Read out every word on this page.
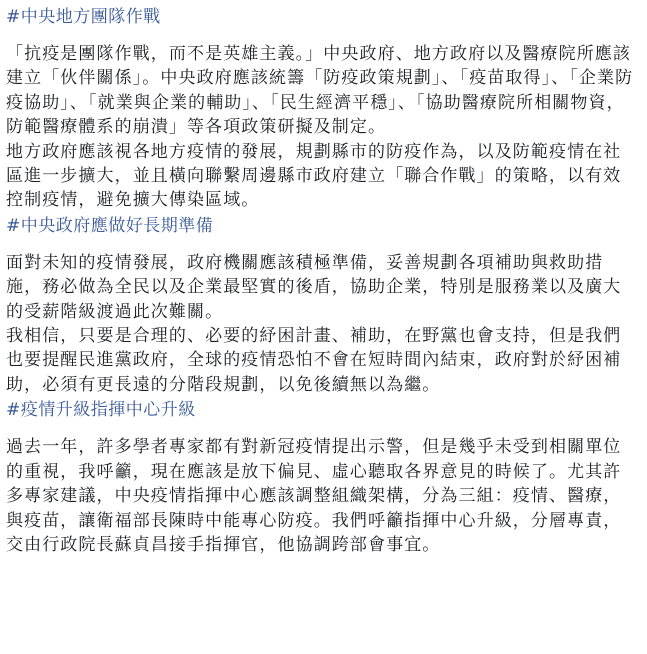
#中央地方團隊作戰

「抗疫是團隊作戰，而不是英雄主義。」中央政府、地方政府以及醫療院所應該建立「伙伴關係」。中央政府應該統籌「防疫政策規劃」、「疫苗取得」、「企業防疫協助」、「就業與企業的輔助」、「民生經濟平穩」、「協助醫療院所相關物資，防範醫療體系的崩潰」等各項政策研擬及制定。

地方政府應該視各地方疫情的發展，規劃縣市的防疫作為，以及防範疫情在社區進一步擴大，並且橫向聯繫周邊縣市政府建立「聯合作戰」的策略，以有效控制疫情，避免擴大傳染區域。

#中央政府應做好長期準備

面對未知的疫情發展，政府機關應該積極準備，妥善規劃各項補助與救助措施，務必做為全民以及企業最堅實的後盾，協助企業，特別是服務業以及廣大的受薪階級渡過此次難關。

我相信，只要是合理的、必要的紓困計畫、補助，在野黨也會支持，但是我們也要提醒民進黨政府，全球的疫情恐怕不會在短時間內結束，政府對於紓困補助，必須有更長遠的分階段規劃，以免後續無以為繼。

#疫情升級指揮中心升級

過去一年，許多學者專家都有對新冠疫情提出示警，但是幾乎未受到相關單位的重視，我呼籲，現在應該是放下偏見、虛心聽取各界意見的時候了。尤其許多專家建議，中央疫情指揮中心應該調整組織架構，分為三組：疫情、醫療，與疫苗，讓衛福部長陳時中能專心防疫。我們呼籲指揮中心升級，分層專責，交由行政院長蘇貞昌接手指揮官，他協調跨部會事宜。
